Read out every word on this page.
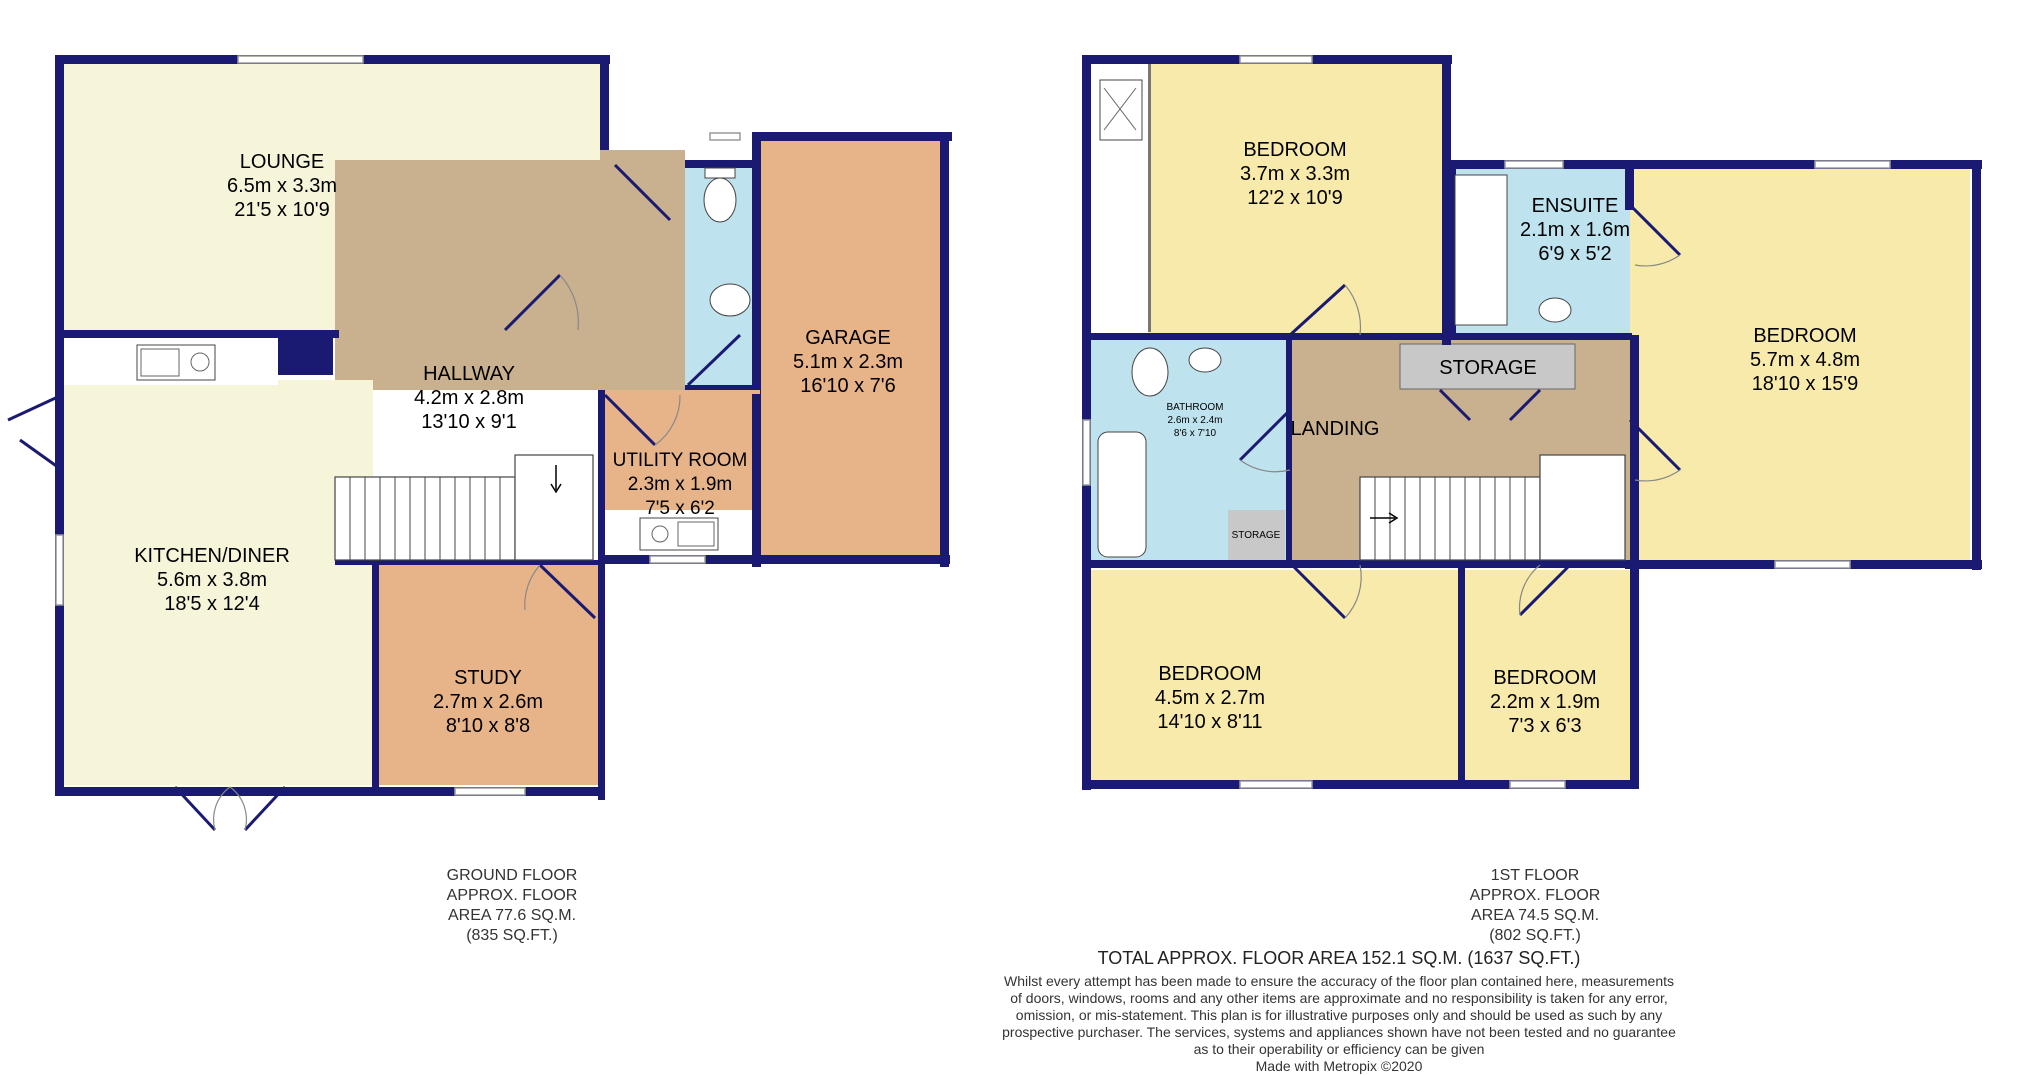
LOUNGE
6.5m x 3.3m
21'5 x 10'9
HALLWAY
4.2m x 2.8m
13'10 x 9'1
GARAGE
5.1m x 2.3m
16'10 x 7'6
UTILITY ROOM
2.3m x 1.9m
7'5 x 6'2
KITCHEN/DINER
5.6m x 3.8m
18'5 x 12'4
STUDY
2.7m x 2.6m
8'10 x 8'8
BEDROOM
3.7m x 3.3m
12'2 x 10'9	ENSUITE
2.1m x 1.6m
6'9 x 5'2
BEDROOM
5.7m x 4.8m
18'10 x 15'9
BATHROOM
2.6m x 2.4m
8'6 x 7'10
STORAGE
STORAGE
LANDING
BEDROOM
4.5m x 2.7m
14'10 x 8'11
BEDROOM
2.2m x 1.9m
7'3 x 6'3
GROUND FLOOR
APPROX. FLOOR
AREA 77.6 SQ.M.
(835 SQ.FT.)
1ST FLOOR
APPROX. FLOOR
AREA 74.5 SQ.M.
(802 SQ.FT.)
TOTAL APPROX. FLOOR AREA 152.1 SQ.M. (1637 SQ.FT.)
Whilst every attempt has been made to ensure the accuracy of the floor plan contained here, measurements
of doors, windows, rooms and any other items are approximate and no responsibility is taken for any error,
omission, or mis-statement. This plan is for illustrative purposes only and should be used as such by any
prospective purchaser. The services, systems and appliances shown have not been tested and no guarantee
as to their operability or efficiency can be given
Made with Metropix ©2020
